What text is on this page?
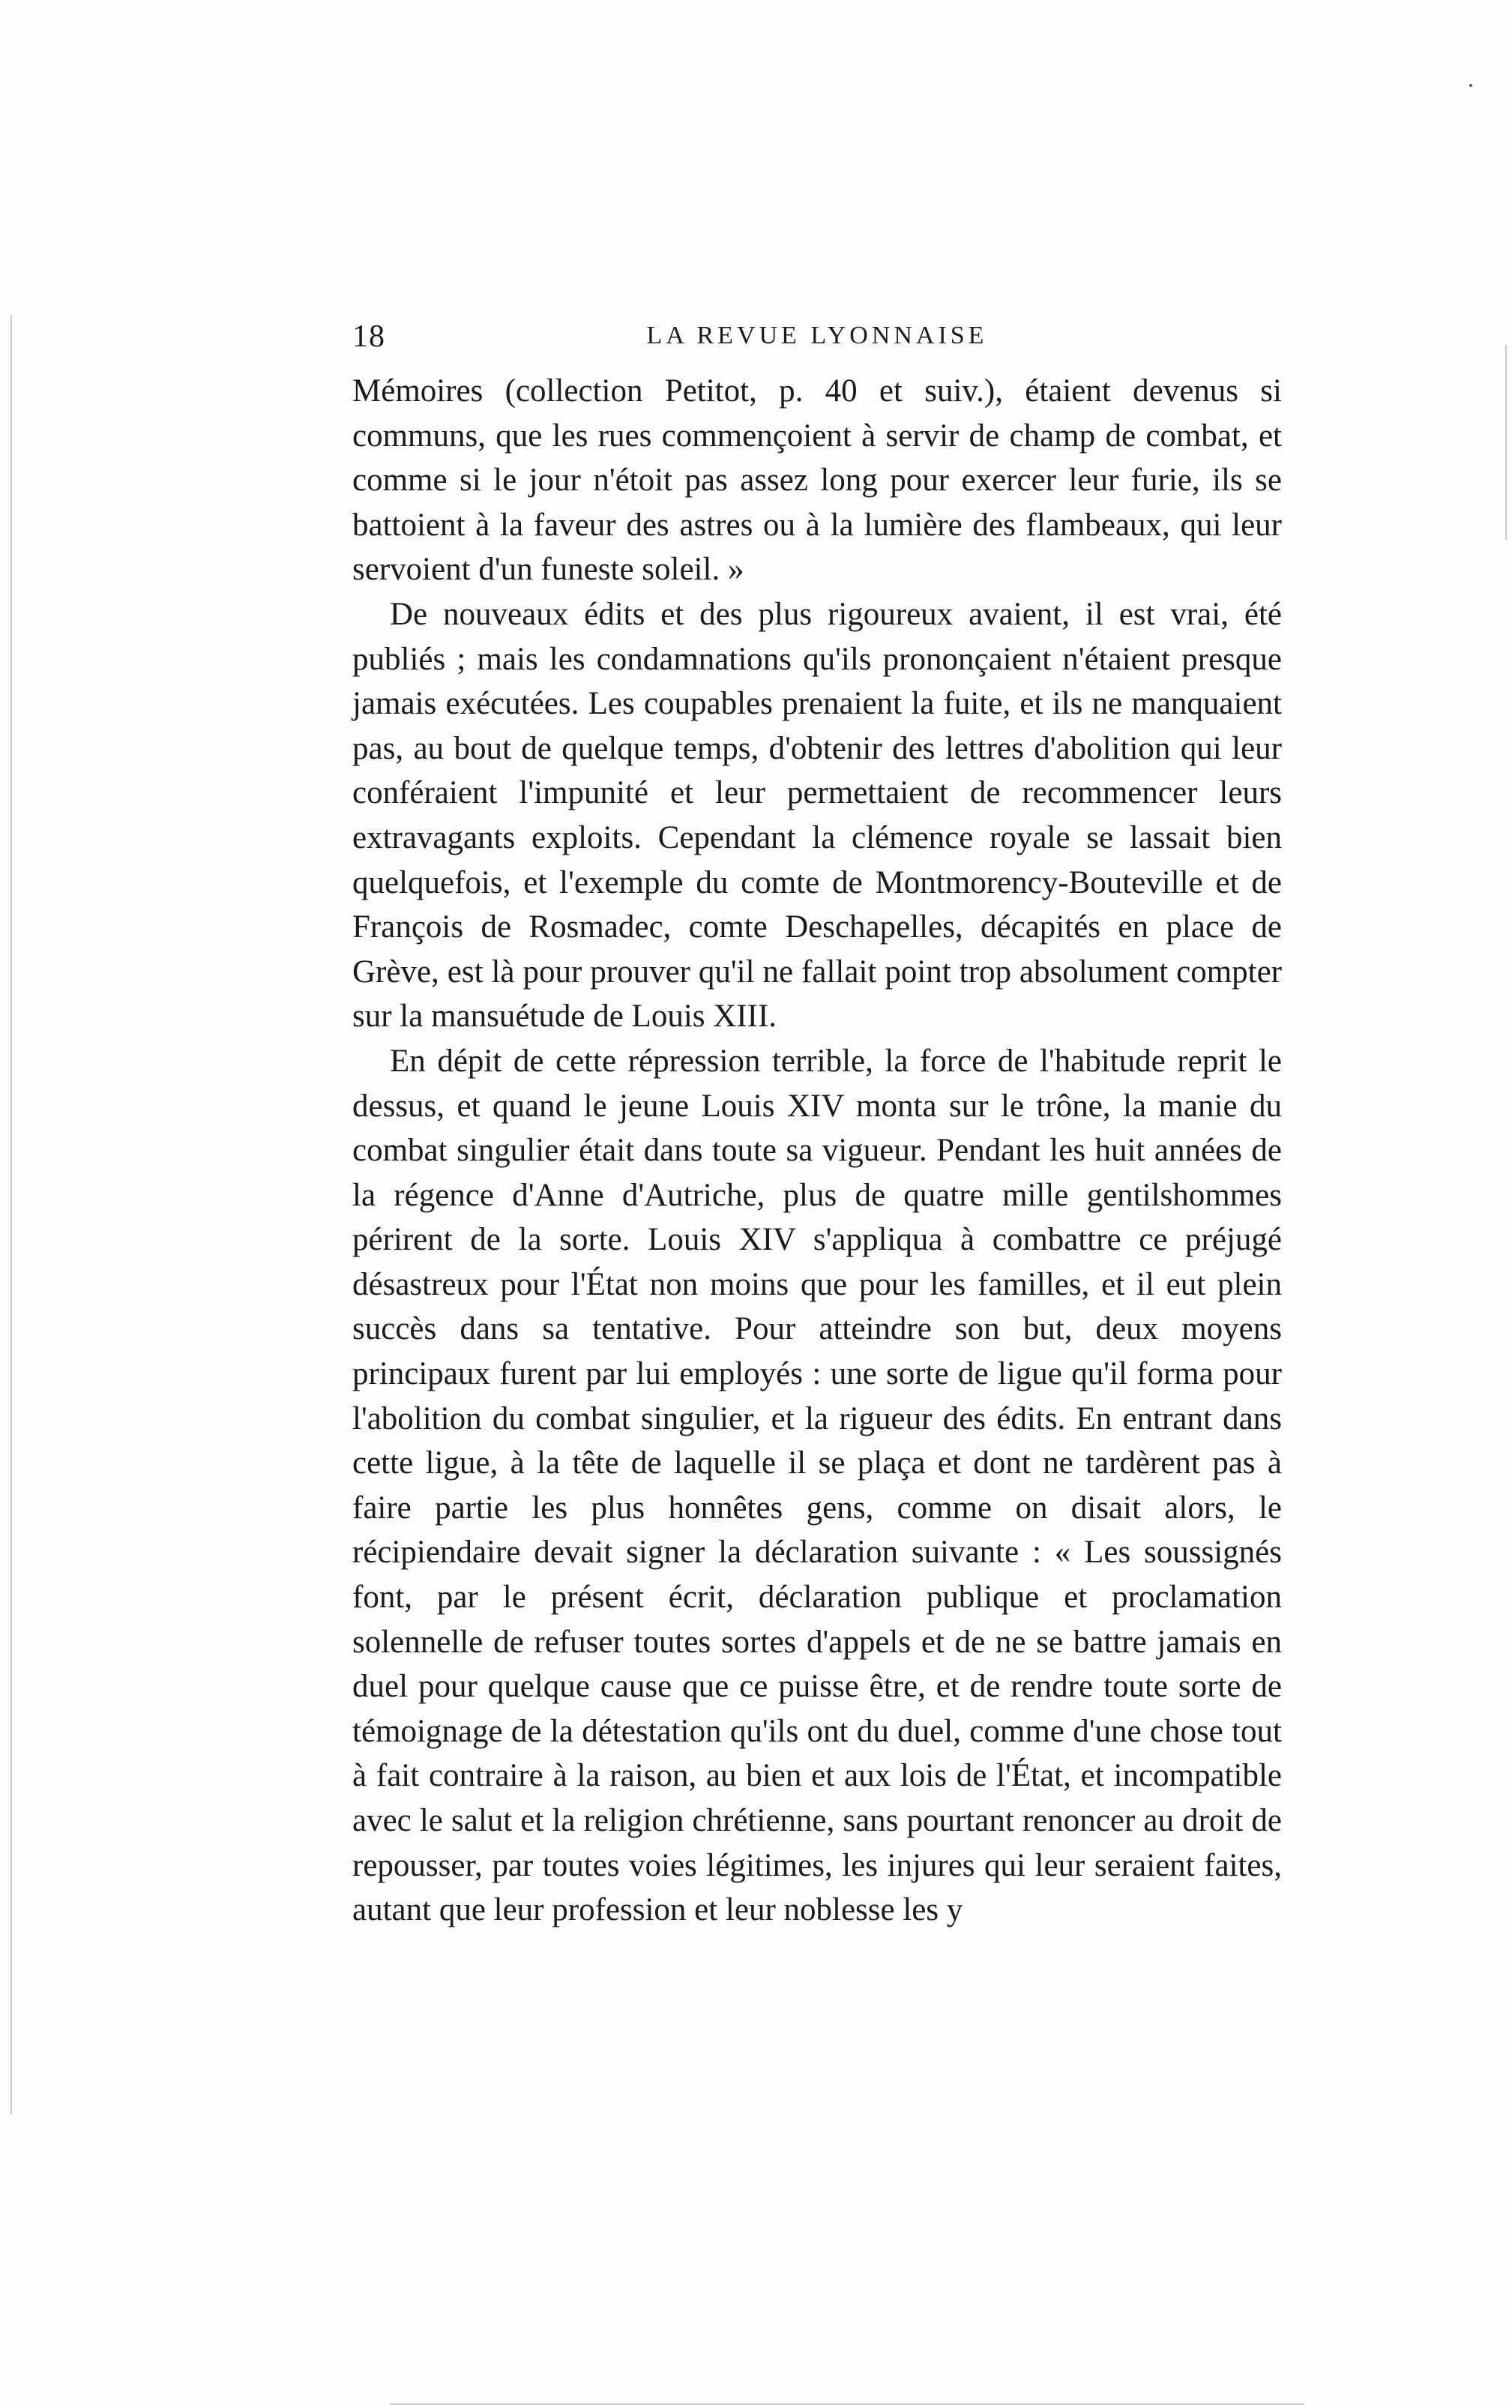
18	LA REVUE LYONNAISE

Mémoires (collection Petitot, p. 40 et suiv.), étaient devenus si communs, que les rues commençoient à servir de champ de combat, et comme si le jour n'étoit pas assez long pour exercer leur furie, ils se battoient à la faveur des astres ou à la lumière des flambeaux, qui leur servoient d'un funeste soleil. »

De nouveaux édits et des plus rigoureux avaient, il est vrai, été publiés ; mais les condamnations qu'ils prononçaient n'étaient presque jamais exécutées. Les coupables prenaient la fuite, et ils ne manquaient pas, au bout de quelque temps, d'obtenir des lettres d'abolition qui leur conféraient l'impunité et leur permettaient de recommencer leurs extravagants exploits. Cependant la clémence royale se lassait bien quelquefois, et l'exemple du comte de Montmorency-Bouteville et de François de Rosmadec, comte Deschapelles, décapités en place de Grève, est là pour prouver qu'il ne fallait point trop absolument compter sur la mansuétude de Louis XIII.

En dépit de cette répression terrible, la force de l'habitude reprit le dessus, et quand le jeune Louis XIV monta sur le trône, la manie du combat singulier était dans toute sa vigueur. Pendant les huit années de la régence d'Anne d'Autriche, plus de quatre mille gentilshommes périrent de la sorte. Louis XIV s'appliqua à combattre ce préjugé désastreux pour l'État non moins que pour les familles, et il eut plein succès dans sa tentative. Pour atteindre son but, deux moyens principaux furent par lui employés : une sorte de ligue qu'il forma pour l'abolition du combat singulier, et la rigueur des édits. En entrant dans cette ligue, à la tête de laquelle il se plaça et dont ne tardèrent pas à faire partie les plus honnêtes gens, comme on disait alors, le récipiendaire devait signer la déclaration suivante : « Les soussignés font, par le présent écrit, déclaration publique et proclamation solennelle de refuser toutes sortes d'appels et de ne se battre jamais en duel pour quelque cause que ce puisse être, et de rendre toute sorte de témoignage de la détestation qu'ils ont du duel, comme d'une chose tout à fait contraire à la raison, au bien et aux lois de l'État, et incompatible avec le salut et la religion chrétienne, sans pourtant renoncer au droit de repousser, par toutes voies légitimes, les injures qui leur seraient faites, autant que leur profession et leur noblesse les y
